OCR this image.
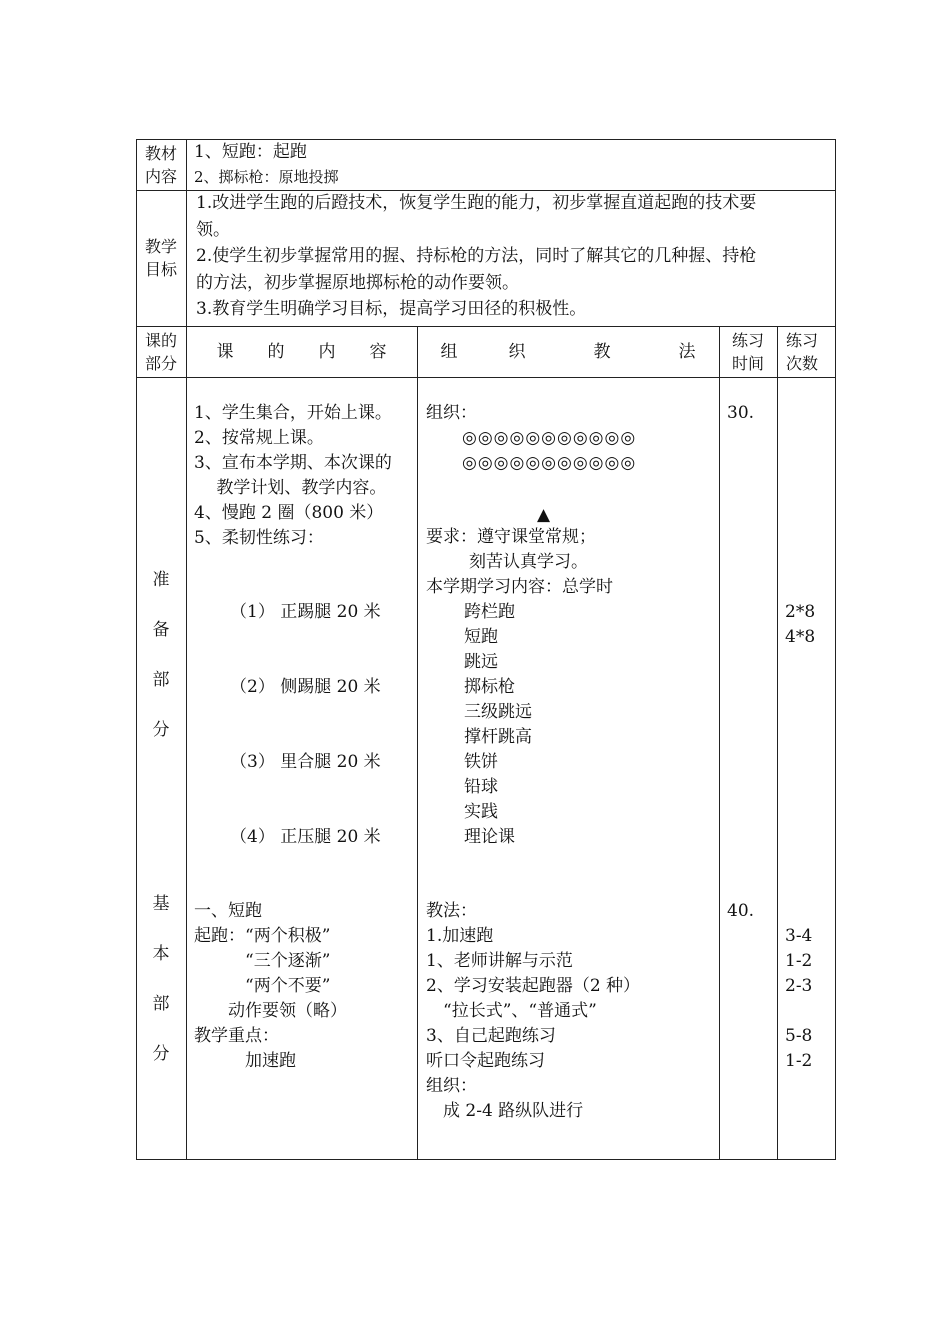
教材
内容
1、短跑：起跑
2、掷标枪：原地投掷
教学
目标
1.改进学生跑的后蹬技术，恢复学生跑的能力，初步掌握直道起跑的技术要
领。
2.使学生初步掌握常用的握、持标枪的方法，同时了解其它的几种握、持枪
的方法，初步掌握原地掷标枪的动作要领。
3.教育学生明确学习目标，提高学习田径的积极性。
课的
部分
课　　的　　内　　容	组　　　织　　　　教　　　　法
练习
时间
练习
次数
准
备
部
分
1、学生集合，开始上课。
2、按常规上课。
3、宣布本学期、本次课的
　 教学计划、教学内容。
4、慢跑 2 圈（800 米）
5、柔韧性练习：
（1） 正踢腿 20 米
（2） 侧踢腿 20 米
（3） 里合腿 20 米
（4） 正压腿 20 米
组织：
◎◎◎◎◎◎◎◎◎◎◎
◎◎◎◎◎◎◎◎◎◎◎
▲
要求：遵守课堂常规；
刻苦认真学习。
本学期学习内容：总学时
跨栏跑
短跑
跳远
掷标枪
三级跳远
撑杆跳高
铁饼
铅球
实践
理论课
30.
2*8
4*8
基
本
部
分
一、短跑
起跑：“两个积极”
　　　“三个逐渐”
　　　“两个不要”
　　动作要领（略）
教学重点：
　　　加速跑
教法：
1.加速跑
1、老师讲解与示范
2、学习安装起跑器（2 种）
　“拉长式”、“普通式”
3、自己起跑练习
听口令起跑练习
组织：
　成 2-4 路纵队进行
40.
3-4
1-2
2-3
5-8
1-2
